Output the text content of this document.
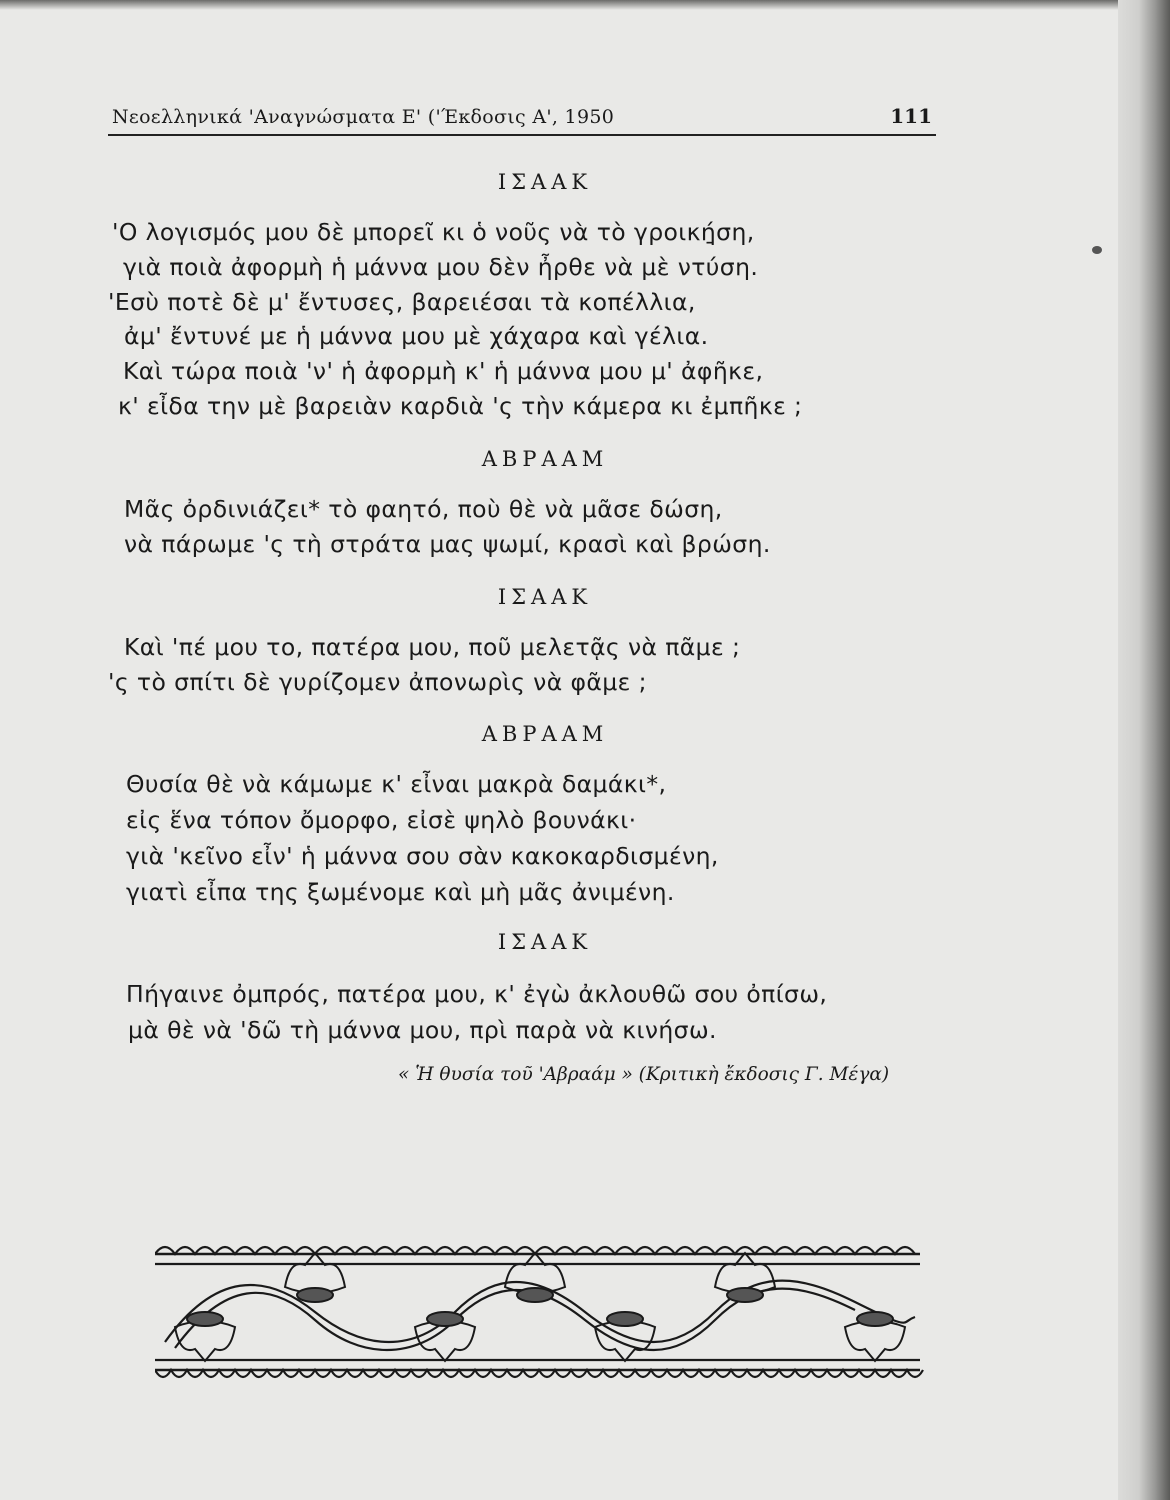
Νεοελληνικά 'Αναγνώσματα Ε' ('Έκδοσις Α', 1950	111
ΙΣΑΑΚ
'Ο λογισμός μου δὲ μπορεῖ κι ὁ νοῦς νὰ τὸ γροική̱ση,
γιὰ ποιὰ ἀφορμὴ ἡ μάννα μου δὲν ἦρθε νὰ μὲ ντύση.
'Εσὺ ποτὲ δὲ μ' ἔντυσες, βαρειέσαι τὰ κοπέλλια,
ἀμ' ἔντυνέ με ἡ μάννα μου μὲ χάχαρα καὶ γέλια.
Καὶ τώρα ποιὰ 'ν' ἡ ἀφορμὴ κ' ἡ μάννα μου μ' ἀφῆκε,
κ' εἶδα την μὲ βαρειὰν καρδιὰ 'ς τὴν κάμερα κι ἐμπῆκε ;
ΑΒΡΑΑΜ
Μᾶς ὀρδινιάζει* τὸ φαητό, ποὺ θὲ νὰ μᾶσε δώση,
νὰ πάρωμε 'ς τὴ στράτα μας ψωμί, κρασὶ καὶ βρώση.
ΙΣΑΑΚ
Καὶ 'πέ μου το, πατέρα μου, ποῦ μελετᾷς νὰ πᾶμε ;
'ς τὸ σπίτι δὲ γυρίζομεν ἀπονωρὶς νὰ φᾶμε ;
ΑΒΡΑΑΜ
Θυσία θὲ νὰ κάμωμε κ' εἶναι μακρὰ δαμάκι*,
εἰς ἕνα τόπον ὄμορφο, εἰσὲ ψηλὸ βουνάκι·
γιὰ 'κεῖνο εἶν' ἡ μάννα σου σὰν κακοκαρδισμένη,
γιατὶ εἶπα της ξωμένομε καὶ μὴ μᾶς ἀνιμένη.
ΙΣΑΑΚ
Πήγαινε ὀμπρός, πατέρα μου, κ' ἐγὼ ἀκλουθῶ σου ὀπίσω,
μὰ θὲ νὰ 'δῶ τὴ μάννα μου, πρὶ παρὰ νὰ κινήσω.
« Ἡ θυσία τοῦ 'Αβραάμ » (Κριτικὴ ἔκδοσις Γ. Μέγα)
